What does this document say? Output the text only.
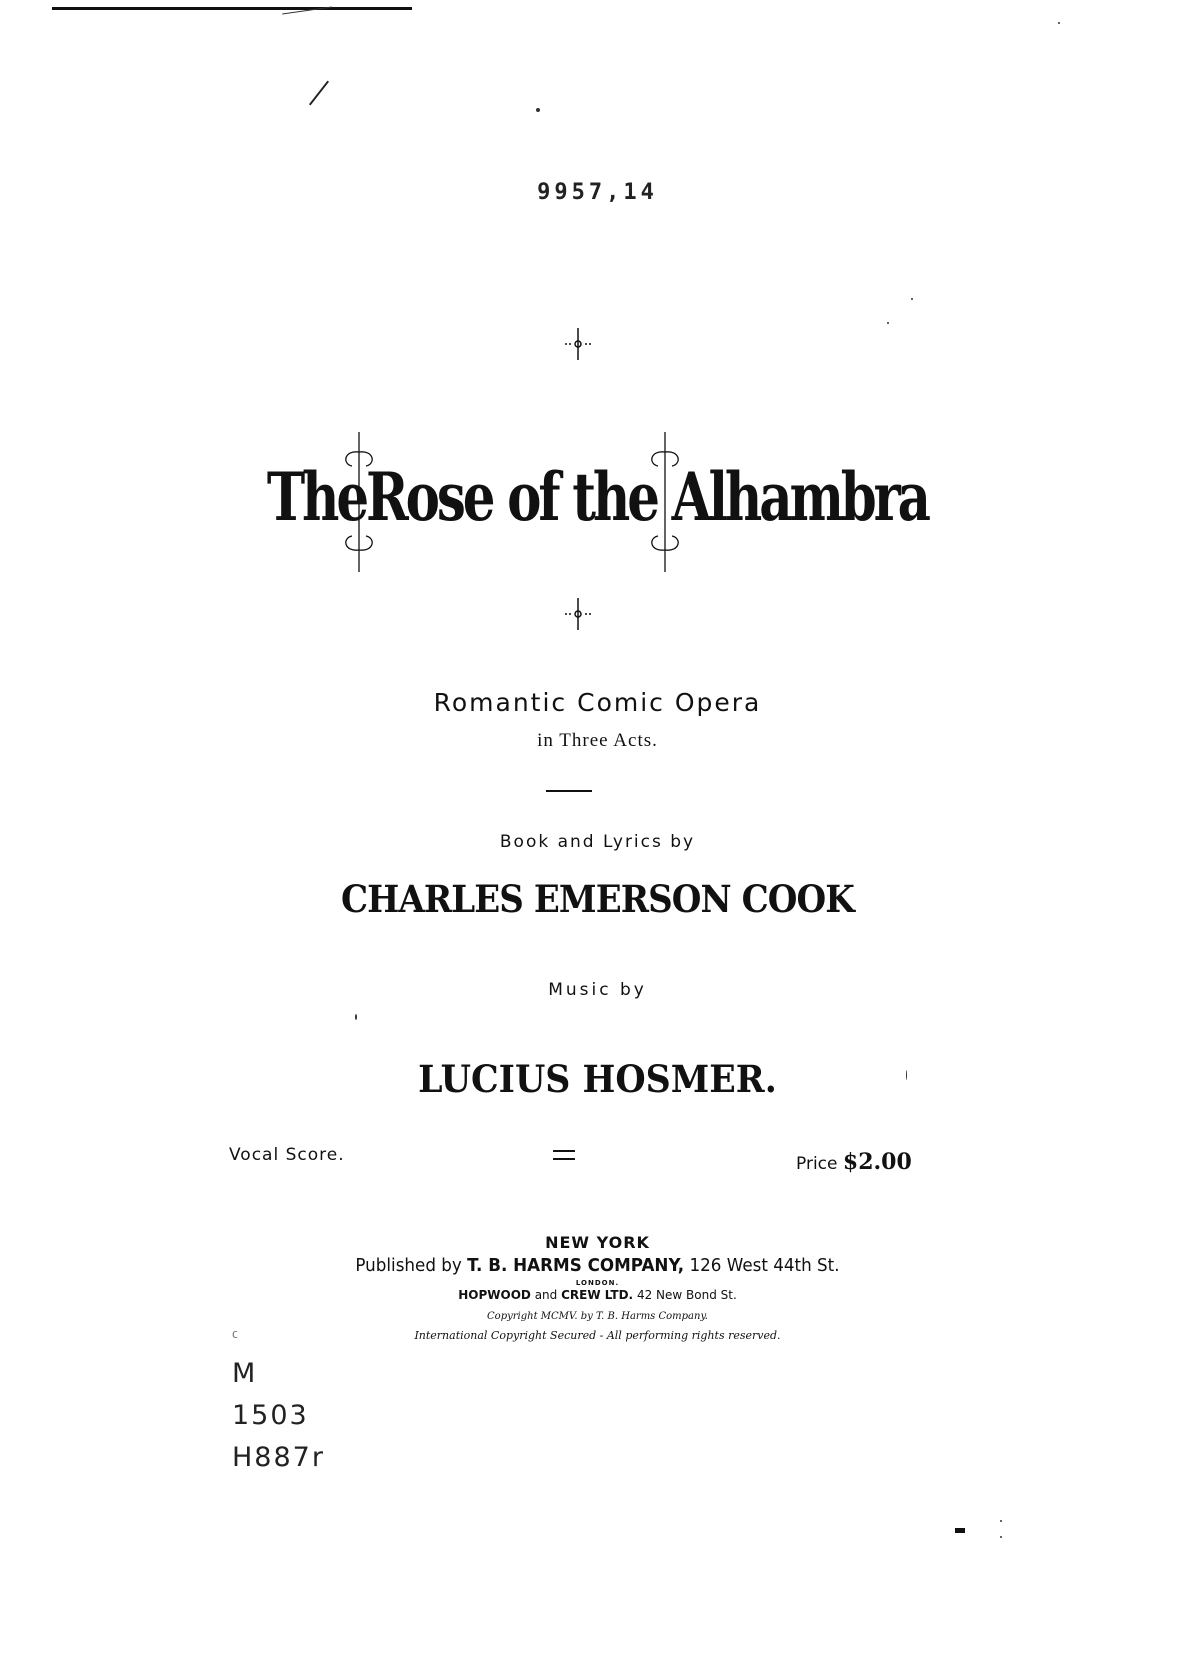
9957,14
TheRose of the Alhambra
Romantic Comic Opera
in Three Acts.
Book and Lyrics by
CHARLES EMERSON COOK
Music by
LUCIUS HOSMER.
Vocal Score.	Price $2.00
NEW YORK
Published by T. B. HARMS COMPANY, 126 West 44th St.
LONDON.
HOPWOOD and CREW LTD. 42 New Bond St.
Copyright MCMV. by T. B. Harms Company.
International Copyright Secured - All performing rights reserved.
C
M
1503
H887r
